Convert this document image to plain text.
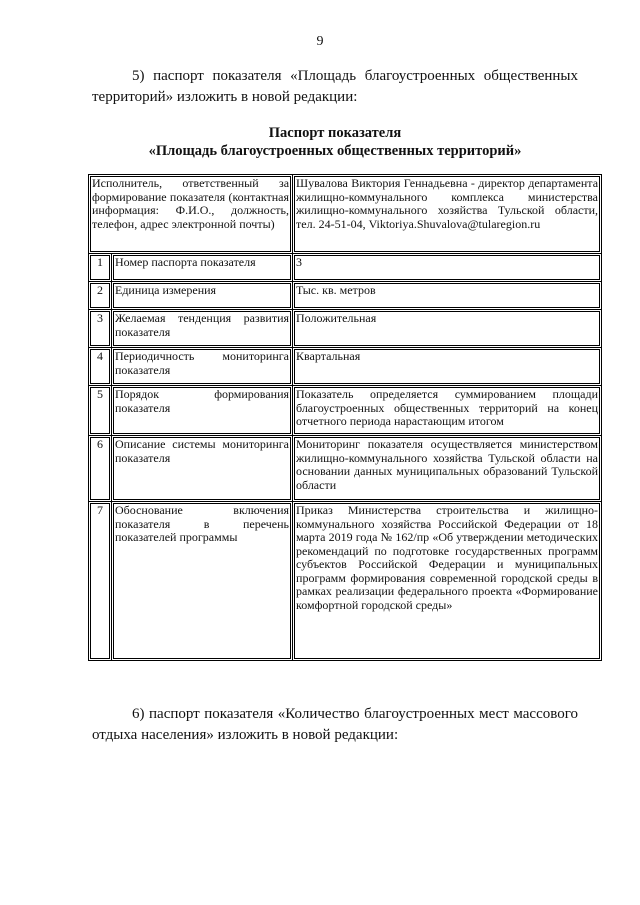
9

5) паспорт показателя «Площадь благоустроенных общественных территорий» изложить в новой редакции:

Паспорт показателя
«Площадь благоустроенных общественных территорий»
Исполнитель, ответственный за формирование показателя (контактная информация: Ф.И.О., должность, телефон, адрес электронной почты)		Шувалова Виктория Геннадьевна - директор департамента жилищно-коммунального комплекса министерства жилищно-коммунального хозяйства Тульской области, тел. 24-51-04, Viktoriya.Shuvalova@tularegion.ru
1	Номер паспорта показателя	3
2	Единица измерения	Тыс. кв. метров
3	Желаемая тенденция развития показателя	Положительная
4	Периодичность мониторинга показателя	Квартальная
5	Порядок формирования показателя	Показатель определяется суммированием площади благоустроенных общественных территорий на конец отчетного периода нарастающим итогом
6	Описание системы мониторинга показателя	Мониторинг показателя осуществляется министерством жилищно-коммунального хозяйства Тульской области на основании данных муниципальных образований Тульской области
7	Обоснование включения показателя в перечень показателей программы	Приказ Министерства строительства и жилищно-коммунального хозяйства Российской Федерации от 18 марта 2019 года № 162/пр «Об утверждении методических рекомендаций по подготовке государственных программ субъектов Российской Федерации и муниципальных программ формирования современной городской среды в рамках реализации федерального проекта «Формирование комфортной городской среды»

6) паспорт показателя «Количество благоустроенных мест массового отдыха населения» изложить в новой редакции:
